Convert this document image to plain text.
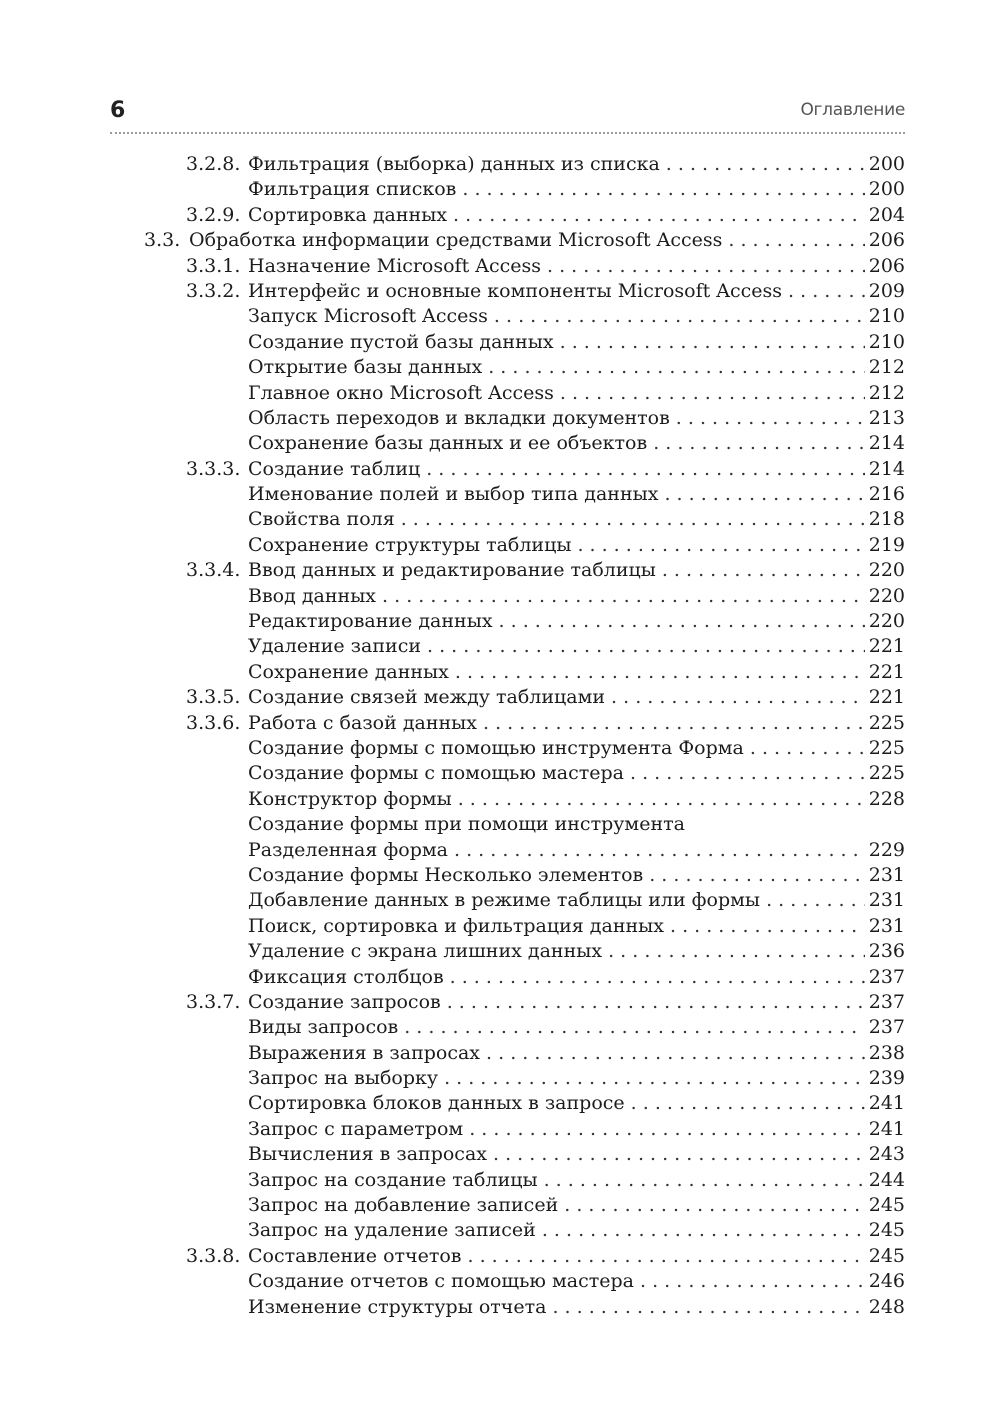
6	Оглавление
3.2.8. Фильтрация (выборка) данных из списка . . .	200
Фильтрация списков . . .	200
3.2.9. Сортировка данных . . .	204
3.3. Обработка информации средствами Microsoft Access . . .	206
3.3.1. Назначение Microsoft Access . . .	206
3.3.2. Интерфейс и основные компоненты Microsoft Access . . .	209
Запуск Microsoft Access . . .	210
Создание пустой базы данных . . .	210
Открытие базы данных . . .	212
Главное окно Microsoft Access . . .	212
Область переходов и вкладки документов . . .	213
Сохранение базы данных и ее объектов . . .	214
3.3.3. Создание таблиц . . .	214
Именование полей и выбор типа данных . . .	216
Свойства поля . . .	218
Сохранение структуры таблицы . . .	219
3.3.4. Ввод данных и редактирование таблицы . . .	220
Ввод данных . . .	220
Редактирование данных . . .	220
Удаление записи . . .	221
Сохранение данных . . .	221
3.3.5. Создание связей между таблицами . . .	221
3.3.6. Работа с базой данных . . .	225
Создание формы с помощью инструмента Форма . . .	225
Создание формы с помощью мастера . . .	225
Конструктор формы . . .	228
Создание формы при помощи инструмента
Разделенная форма . . .	229
Создание формы Несколько элементов . . .	231
Добавление данных в режиме таблицы или формы . . .	231
Поиск, сортировка и фильтрация данных . . .	231
Удаление с экрана лишних данных . . .	236
Фиксация столбцов . . .	237
3.3.7. Создание запросов . . .	237
Виды запросов . . .	237
Выражения в запросах . . .	238
Запрос на выборку . . .	239
Сортировка блоков данных в запросе . . .	241
Запрос с параметром . . .	241
Вычисления в запросах . . .	243
Запрос на создание таблицы . . .	244
Запрос на добавление записей . . .	245
Запрос на удаление записей . . .	245
3.3.8. Составление отчетов . . .	245
Создание отчетов с помощью мастера . . .	246
Изменение структуры отчета . . .	248
